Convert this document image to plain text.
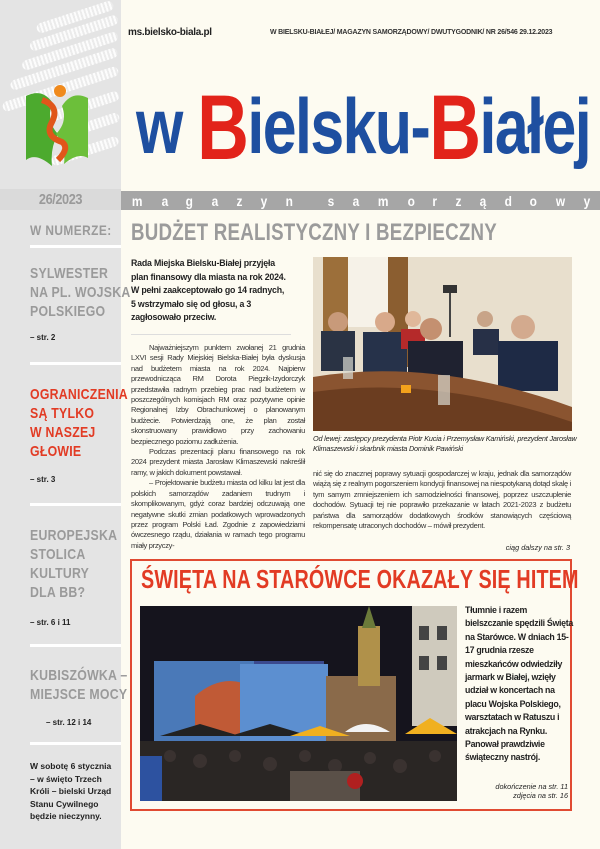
26/2023
W NUMERZE:
SYLWESTER
NA PL. WOJSKA
POLSKIEGO
– str. 2
OGRANICZENIA
SĄ TYLKO
W NASZEJ
GŁOWIE
– str. 3
EUROPEJSKA
STOLICA
KULTURY
DLA BB?
– str. 6 i 11
KUBISZÓWKA –
MIEJSCE MOCY
– str. 12 i 14
W sobotę 6 stycznia – w święto Trzech Króli – bielski Urząd Stanu Cywilnego będzie nieczynny.
ms.bielsko-biala.pl	W BIELSKU-BIAŁEJ/ MAGAZYN SAMORZĄDOWY/ DWUTYGODNIK/ NR 26/546 29.12.2023
w Bielsku-Białej
m a g a z y n	s a m o r z ą d o w y
BUDŻET REALISTYCZNY I BEZPIECZNY
Rada Miejska Bielsku-Białej przyjęła plan finansowy dla miasta na rok 2024. W pełni zaakceptowało go 14 radnych, 5 wstrzymało się od głosu, a 3 zagłosowało przeciw.
Od lewej: zastępcy prezydenta Piotr Kucia i Przemysław Kamiński, prezydent Jarosław Klimaszewski i skarbnik miasta Dominik Pawiński

Najważniejszym punktem zwołanej 21 grudnia LXVI sesji Rady Miejskiej Bielska-Białej była dyskusja nad budżetem miasta na rok 2024. Najpierw przewodnicząca RM Dorota Piegzik-Izydorczyk przedstawiła radnym przebieg prac nad budżetem w poszczególnych komisjach RM oraz pozytywne opinie Regionalnej Izby Obrachunkowej o planowanym budżecie. Potwierdzają one, że plan został skonstruowany prawidłowo przy zachowaniu bezpiecznego poziomu zadłużenia.

Podczas prezentacji planu finansowego na rok 2024 prezydent miasta Jarosław Klimaszewski nakreślił ramy, w jakich dokument powstawał.

– Projektowanie budżetu miasta od kilku lat jest dla polskich samorządów zadaniem trudnym i skomplikowanym, gdyż coraz bardziej odczuwają one negatywne skutki zmian podatkowych wprowadzonych przez program Polski Ład. Zgodnie z zapowiedziami ówczesnego rządu, działania w ramach tego programu miały przyczy-

nić się do znacznej poprawy sytuacji gospodarczej w kraju, jednak dla samorządów wiążą się z realnym pogorszeniem kondycji finansowej na niespotykaną dotąd skalę i tym samym zmniejszeniem ich samodzielności finansowej, poprzez uszczuplenie dochodów. Sytuacji tej nie poprawiło przekazanie w latach 2021-2023 z budżetu państwa dla samorządów dodatkowych środków stanowiących częściową rekompensatę utraconych dochodów – mówił prezydent.

ciąg dalszy na str. 3
ŚWIĘTA NA STARÓWCE OKAZAŁY SIĘ HITEM
Tłumnie i razem bielszczanie spędzili Święta na Starówce. W dniach 15-17 grudnia rzesze mieszkańców odwiedziły jarmark w Białej, wzięły udział w koncertach na placu Wojska Polskiego, warsztatach w Ratuszu i atrakcjach na Rynku. Panował prawdziwie świąteczny nastrój.
dokończenie na str. 11
zdjęcia na str. 16
